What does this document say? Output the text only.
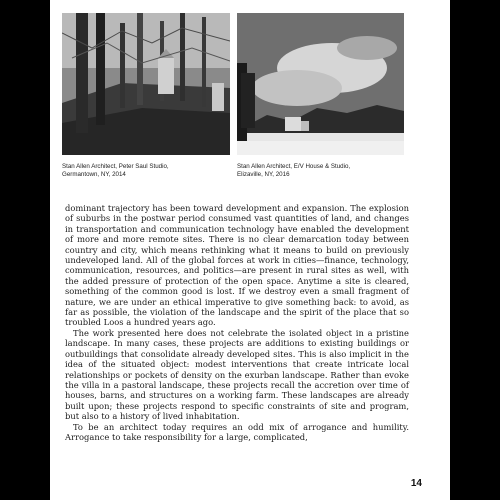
Stan Allen Architect, Peter Saul Studio,
Germantown, NY, 2014
Stan Allen Architect, E/V House & Studio,
Elizaville, NY, 2016

dominant trajectory has been toward development and expansion. The explosion of suburbs in the postwar period consumed vast quantities of land, and changes in transportation and communication technology have enabled the development of more and more remote sites. There is no clear demarcation today between country and city, which means rethinking what it means to build on previously undeveloped land. All of the global forces at work in cities—finance, technology, communication, resources, and politics—are present in rural sites as well, with the added pressure of protection of the open space. Anytime a site is cleared, something of the common good is lost. If we destroy even a small fragment of nature, we are under an ethical imperative to give something back: to avoid, as far as possible, the violation of the landscape and the spirit of the place that so troubled Loos a hundred years ago.

The work presented here does not celebrate the isolated object in a pristine landscape. In many cases, these projects are additions to existing buildings or outbuildings that consolidate already developed sites. This is also implicit in the idea of the situated object: modest interventions that create intricate local relationships or pockets of density on the exurban landscape. Rather than evoke the villa in a pastoral landscape, these projects recall the accretion over time of houses, barns, and structures on a working farm. These landscapes are already built upon; these projects respond to specific constraints of site and program, but also to a history of lived inhabitation.

To be an architect today requires an odd mix of arrogance and humility. Arrogance to take responsibility for a large, complicated,

14
